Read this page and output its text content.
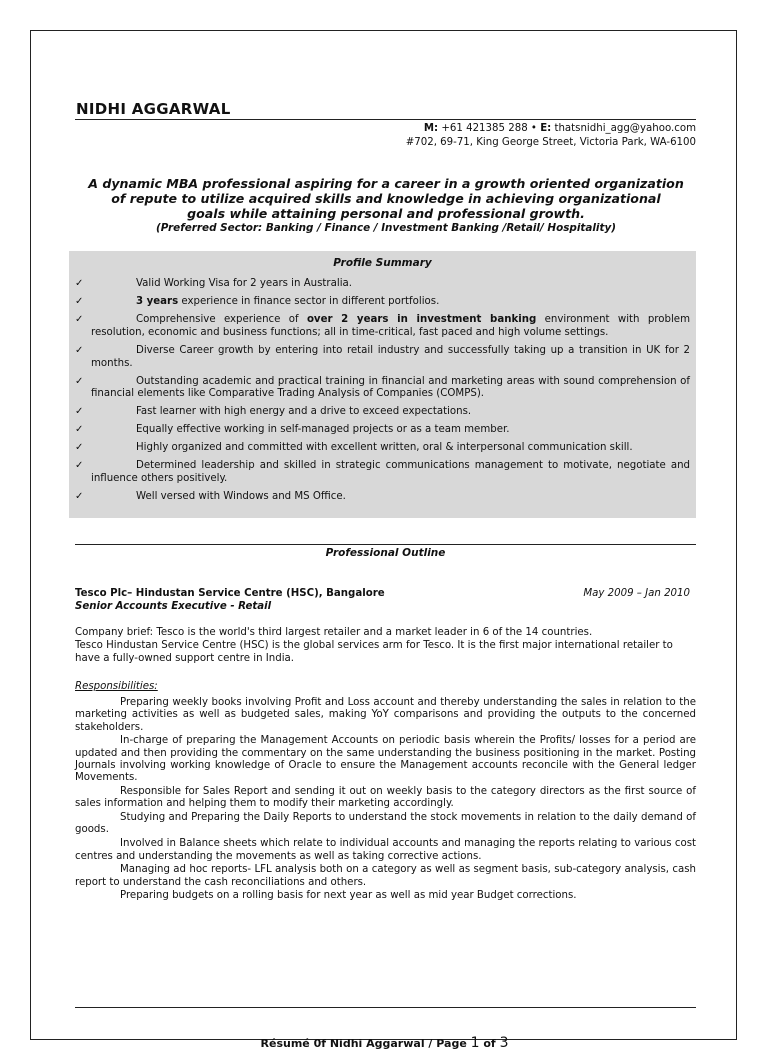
NIDHI AGGARWAL
M: +61 421385 288 • E: thatsnidhi_agg@yahoo.com
#702, 69-71, King George Street, Victoria Park, WA-6100
A dynamic MBA professional aspiring for a career in a growth oriented organization
of repute to utilize acquired skills and knowledge in achieving organizational
goals while attaining personal and professional growth.
(Preferred Sector: Banking / Finance / Investment Banking /Retail/ Hospitality)
Profile Summary
✓	Valid Working Visa for 2 years in Australia.
✓	3 years experience in finance sector in different portfolios.
✓	Comprehensive experience of over 2 years in investment banking environment with problem resolution, economic and business functions; all in time-critical, fast paced and high volume settings.
✓	Diverse Career growth by entering into retail industry and successfully taking up a transition in UK for 2 months.
✓	Outstanding academic and practical training in financial and marketing areas with sound comprehension of financial elements like Comparative Trading Analysis of Companies (COMPS).
✓	Fast learner with high energy and a drive to exceed expectations.
✓	Equally effective working in self-managed projects or as a team member.
✓	Highly organized and committed with excellent written, oral & interpersonal communication skill.
✓	Determined leadership and skilled in strategic communications management to motivate, negotiate and influence others positively.
✓	Well versed with Windows and MS Office.
Professional Outline
Tesco Plc– Hindustan Service Centre (HSC), Bangalore	May 2009 – Jan 2010
Senior Accounts Executive - Retail
Company brief: Tesco is the world's third largest retailer and a market leader in 6 of the 14 countries.
Tesco Hindustan Service Centre (HSC) is the global services arm for Tesco. It is the first major international retailer to have a fully-owned support centre in India.
Responsibilities:
Preparing weekly books involving Profit and Loss account and thereby understanding the sales in relation to the marketing activities as well as budgeted sales, making YoY comparisons and providing the outputs to the concerned stakeholders.
In-charge of preparing the Management Accounts on periodic basis wherein the Profits/ losses for a period are updated and then providing the commentary on the same understanding the business positioning in the market. Posting Journals involving working knowledge of Oracle to ensure the Management accounts reconcile with the General ledger Movements.
Responsible for Sales Report and sending it out on weekly basis to the category directors as the first source of sales information and helping them to modify their marketing accordingly.
Studying and Preparing the Daily Reports to understand the stock movements in relation to the daily demand of goods.
Involved in Balance sheets which relate to individual accounts and managing the reports relating to various cost centres and understanding the movements as well as taking corrective actions.
Managing ad hoc reports- LFL analysis both on a category as well as segment basis, sub-category analysis, cash report to understand the cash reconciliations and others.
Preparing budgets on a rolling basis for next year as well as mid year Budget corrections.
Résumé 0f Nidhi Aggarwal / Page 1 of 3
